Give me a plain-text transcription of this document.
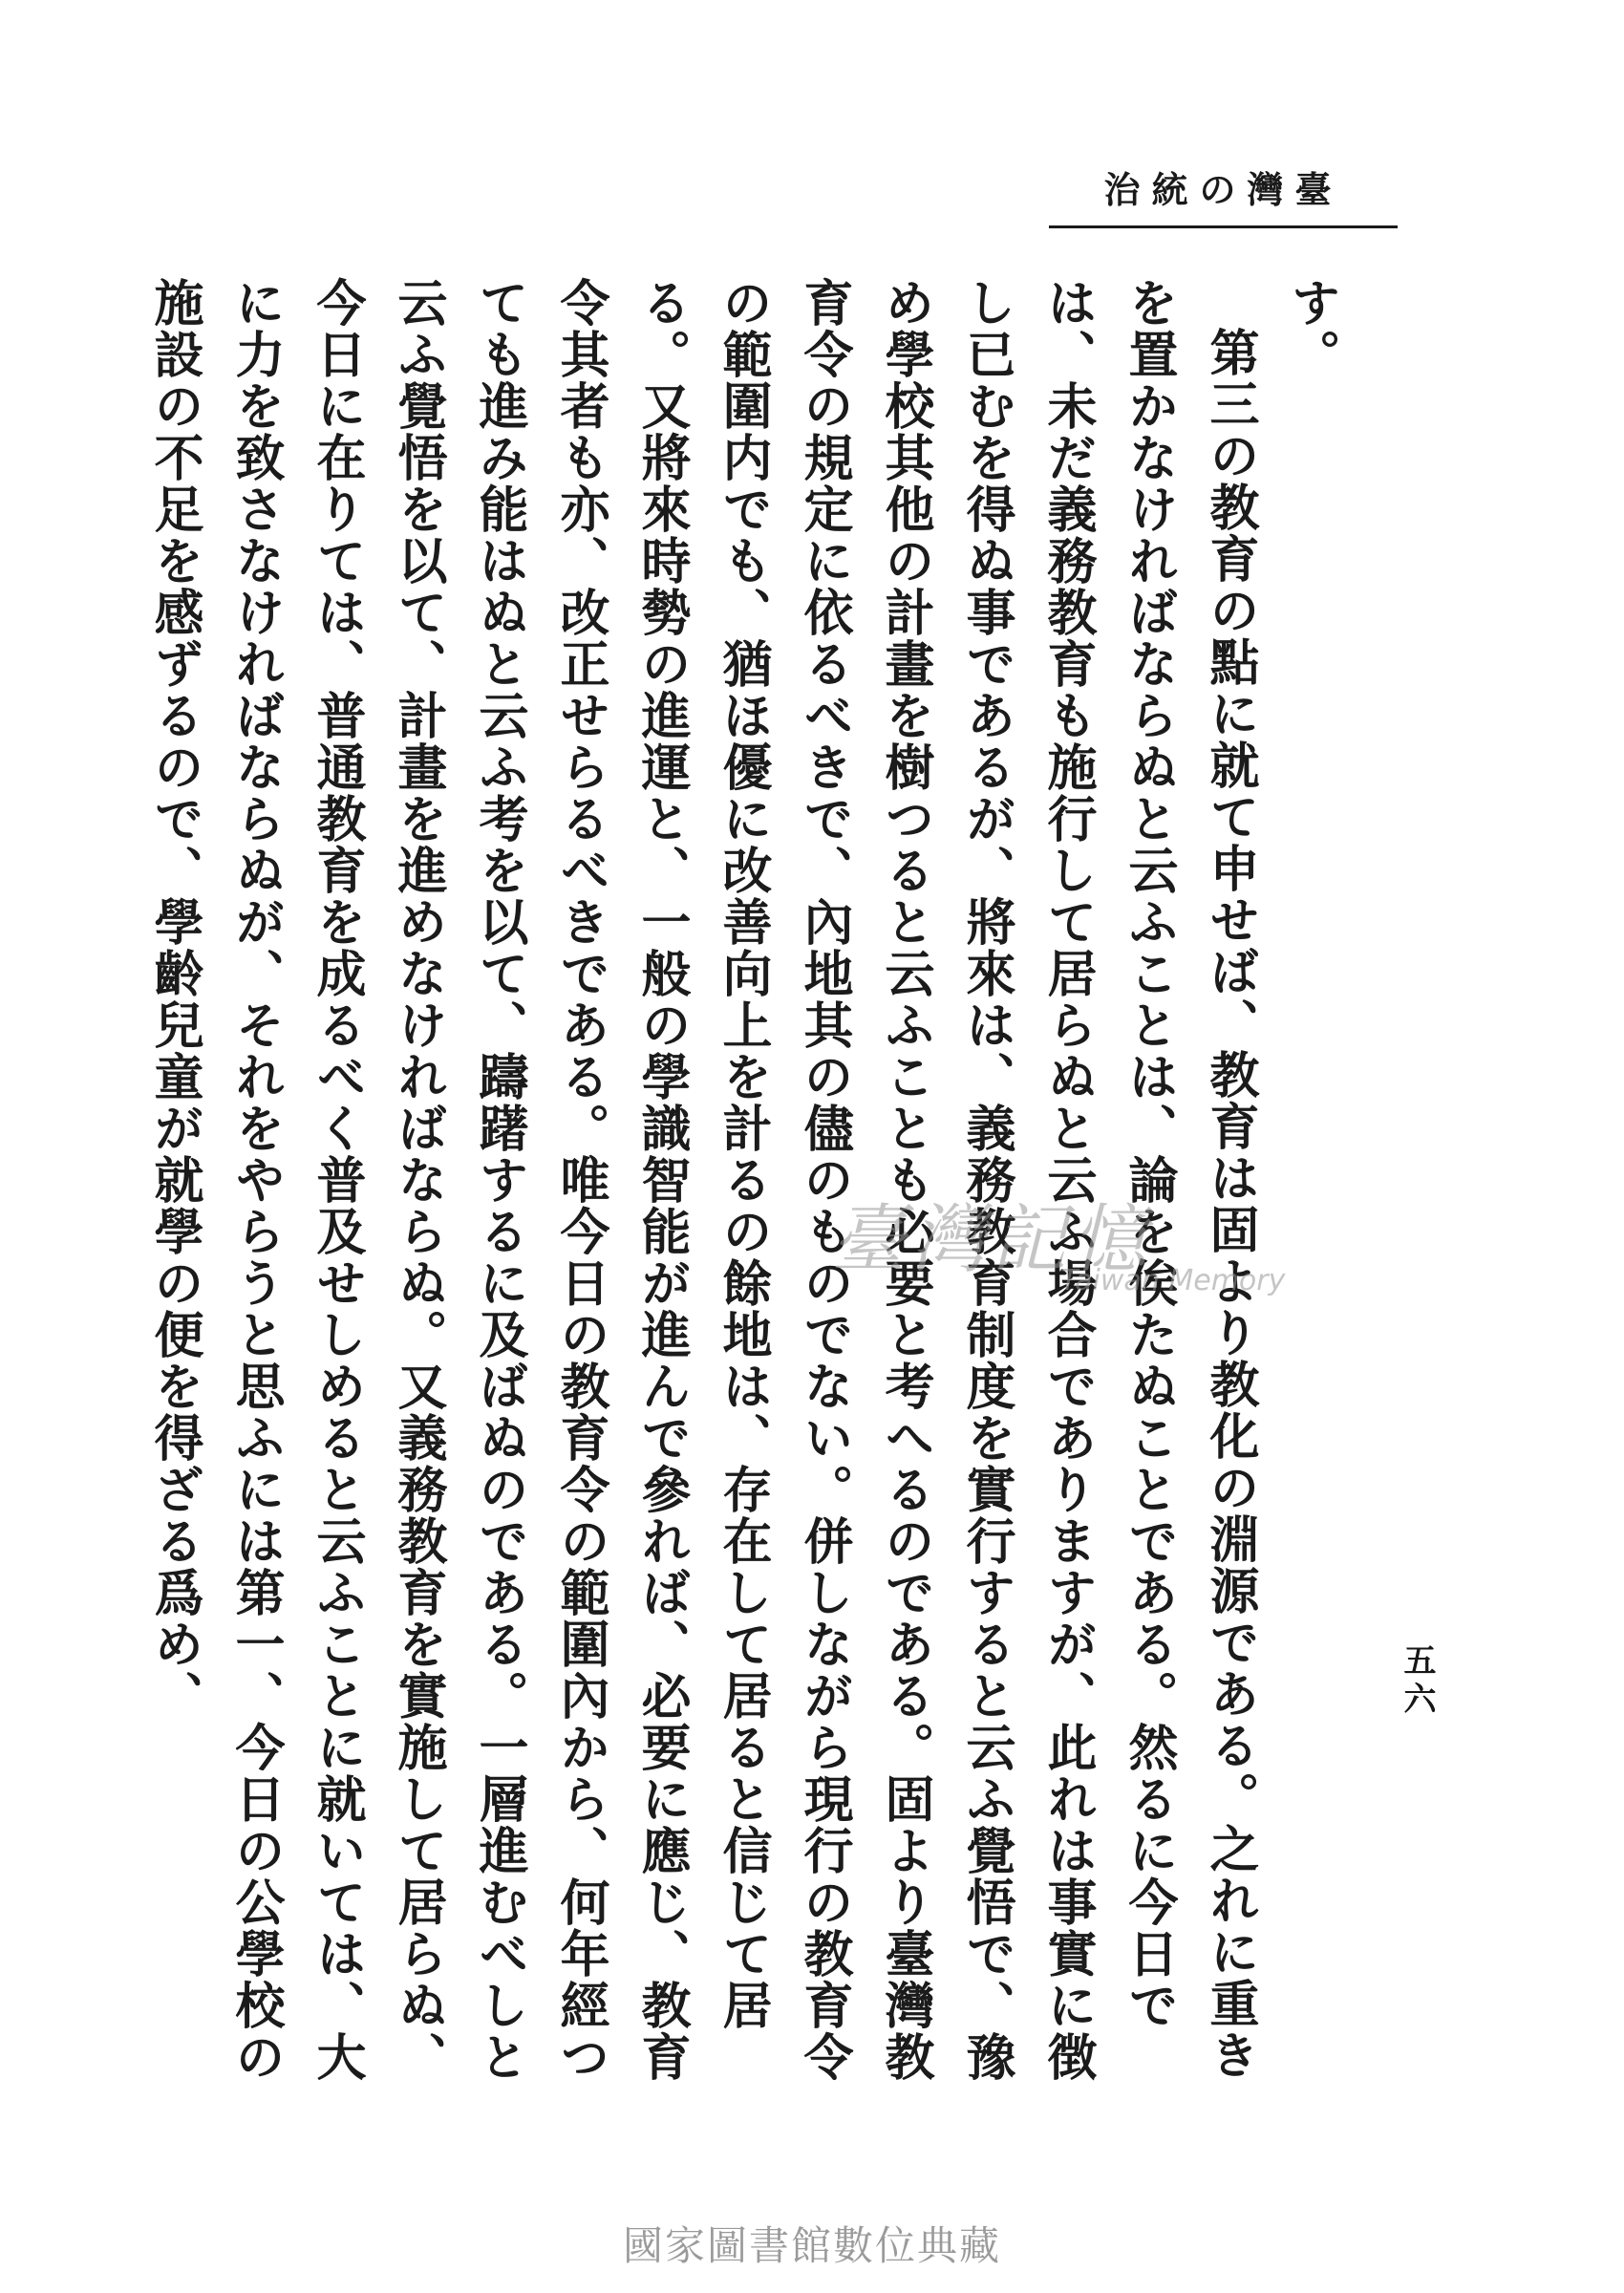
臺灣の統治
五六

す。

第三の教育の點に就て申せば、教育は固より教化の淵源である。之れに重きを置かなければならぬと云ふことは、論を俟たぬことである。然るに今日では、未だ義務教育も施行して居らぬと云ふ場合でありますが、此れは事實に徴し已むを得ぬ事であるが、將來は、義務教育制度を實行すると云ふ覺悟で、豫め學校其他の計畫を樹つると云ふことも必要と考へるのである。固より臺灣教育令の規定に依るべきで、內地其の儘のものでない。併しながら現行の教育令の範圍内でも、猶ほ優に改善向上を計るの餘地は、存在して居ると信じて居る。又將來時勢の進運と、一般の學識智能が進んで參れば、必要に應じ、教育令其者も亦、改正せらるべきである。唯今日の教育令の範圍內から、何年經つても進み能はぬと云ふ考を以て、躊躇するに及ばぬのである。一層進むべしと云ふ覺悟を以て、計畫を進めなければならぬ。又義務教育を實施して居らぬ、今日に在りては、普通教育を成るべく普及せしめると云ふことに就いては、大に力を致さなければならぬが、それをやらうと思ふには第一、今日の公學校の施設の不足を感ずるので、學齡兒童が就學の便を得ざる爲め、	臺灣記憶
Taiwan Memory
國家圖書館數位典藏
